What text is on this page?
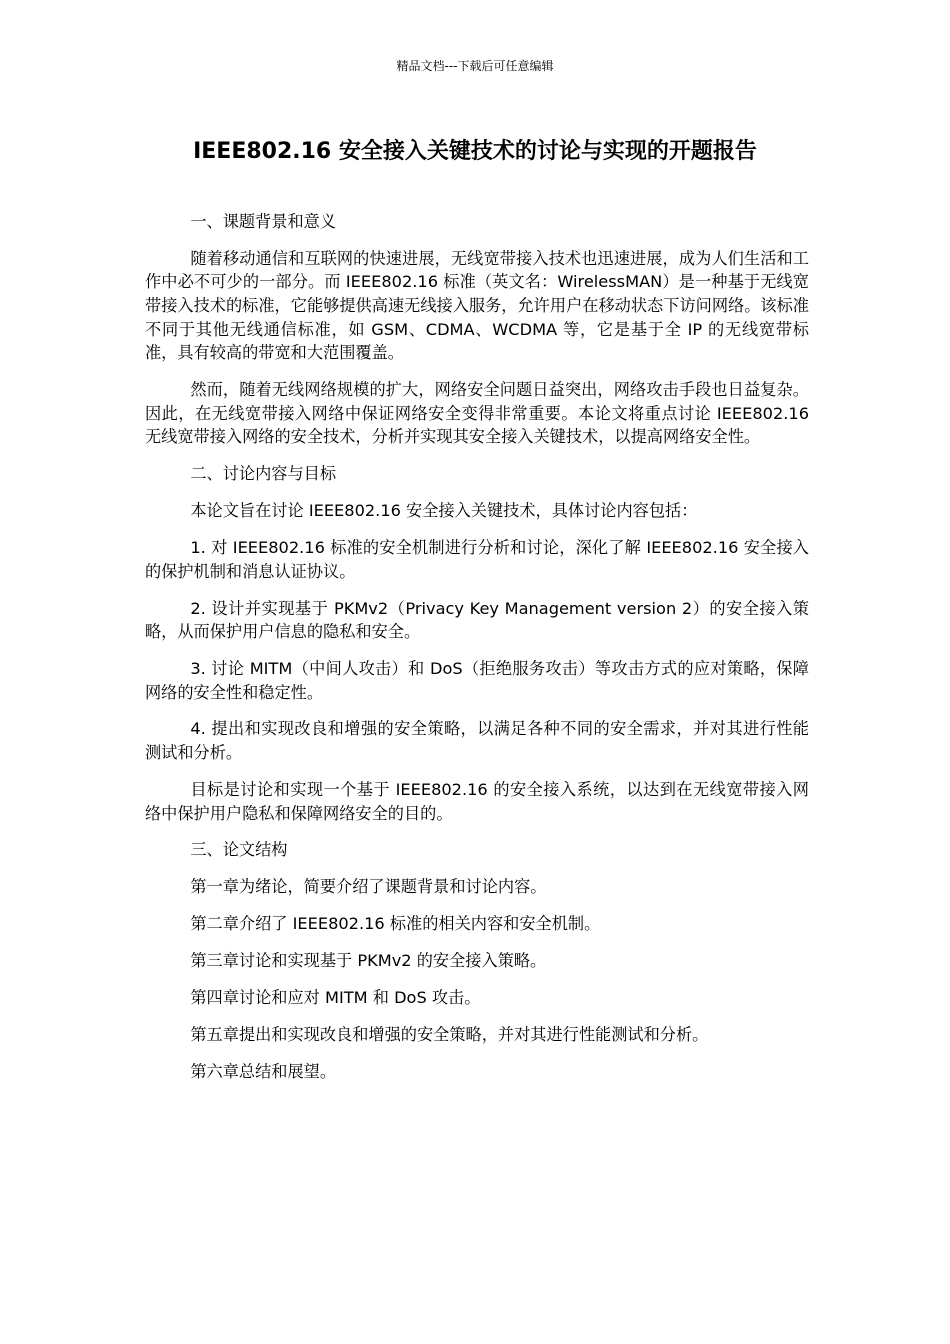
精品文档---下载后可任意编辑
IEEE802.16 安全接入关键技术的讨论与实现的开题报告

一、课题背景和意义

随着移动通信和互联网的快速进展，无线宽带接入技术也迅速进展，成为人们生活和工作中必不可少的一部分。而 IEEE802.16 标准（英文名：WirelessMAN）是一种基于无线宽带接入技术的标准，它能够提供高速无线接入服务，允许用户在移动状态下访问网络。该标准不同于其他无线通信标准，如 GSM、CDMA、WCDMA 等，它是基于全 IP 的无线宽带标准，具有较高的带宽和大范围覆盖。

然而，随着无线网络规模的扩大，网络安全问题日益突出，网络攻击手段也日益复杂。因此，在无线宽带接入网络中保证网络安全变得非常重要。本论文将重点讨论 IEEE802.16 无线宽带接入网络的安全技术，分析并实现其安全接入关键技术，以提高网络安全性。

二、讨论内容与目标

本论文旨在讨论 IEEE802.16 安全接入关键技术，具体讨论内容包括：

1. 对 IEEE802.16 标准的安全机制进行分析和讨论，深化了解 IEEE802.16 安全接入的保护机制和消息认证协议。

2. 设计并实现基于 PKMv2（Privacy Key Management version 2）的安全接入策略，从而保护用户信息的隐私和安全。

3. 讨论 MITM（中间人攻击）和 DoS（拒绝服务攻击）等攻击方式的应对策略，保障网络的安全性和稳定性。

4. 提出和实现改良和增强的安全策略，以满足各种不同的安全需求，并对其进行性能测试和分析。

目标是讨论和实现一个基于 IEEE802.16 的安全接入系统，以达到在无线宽带接入网络中保护用户隐私和保障网络安全的目的。

三、论文结构

第一章为绪论，简要介绍了课题背景和讨论内容。

第二章介绍了 IEEE802.16 标准的相关内容和安全机制。

第三章讨论和实现基于 PKMv2 的安全接入策略。

第四章讨论和应对 MITM 和 DoS 攻击。

第五章提出和实现改良和增强的安全策略，并对其进行性能测试和分析。

第六章总结和展望。
